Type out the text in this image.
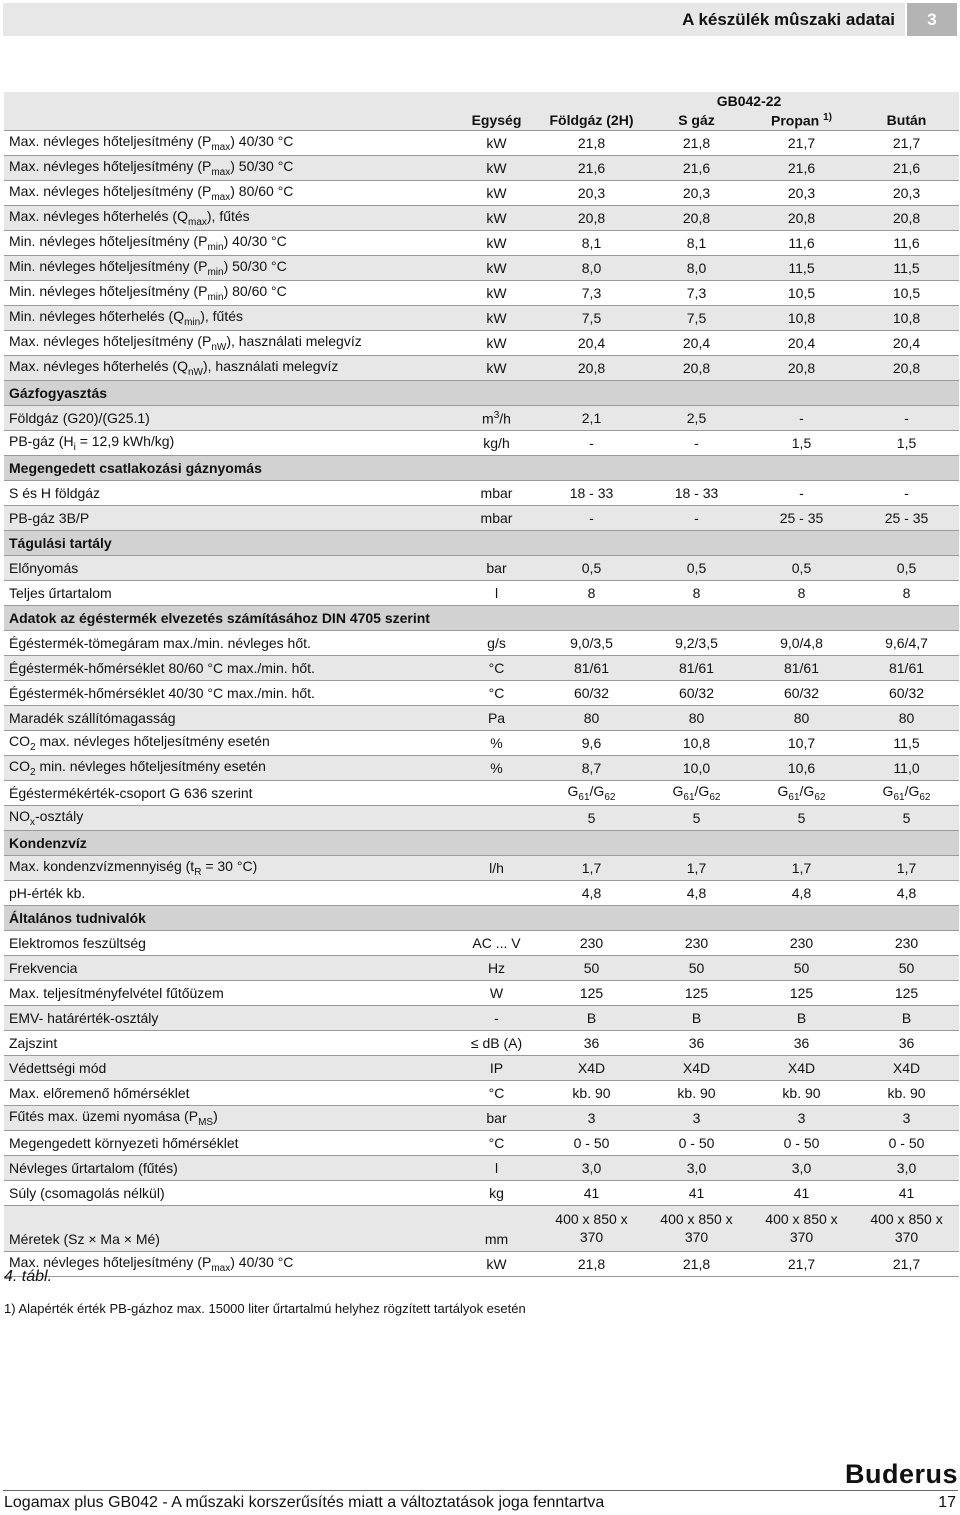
A készülék mûszaki adatai	3
		GB042-22			
	Egység	Földgáz (2H)	S gáz	Propan $^{1)}$	Bután
Max. névleges hőteljesítmény $(P_{max})$ 40/30 °C	kW	21,8	21,8	21,7	21,7
Max. névleges hőteljesítmény $(P_{max})$ 50/30 °C	kW	21,6	21,6	21,6	21,6
Max. névleges hőteljesítmény $(P_{max})$ 80/60 °C	kW	20,3	20,3	20,3	20,3
Max. névleges hőterhelés $(Q_{max})$, fűtés	kW	20,8	20,8	20,8	20,8
Min. névleges hőteljesítmény $(P_{min})$ 40/30 °C	kW	8,1	8,1	11,6	11,6
Min. névleges hőteljesítmény $(P_{min})$ 50/30 °C	kW	8,0	8,0	11,5	11,5
Min. névleges hőteljesítmény $(P_{min})$ 80/60 °C	kW	7,3	7,3	10,5	10,5
Min. névleges hőterhelés $(Q_{min})$, fűtés	kW	7,5	7,5	10,8	10,8
Max. névleges hőteljesítmény $(P_{nW})$, használati melegvíz	kW	20,4	20,4	20,4	20,4
Max. névleges hőterhelés $(Q_{nW})$, használati melegvíz	kW	20,8	20,8	20,8	20,8
Gázfogyasztás					
Földgáz (G20)/(G25.1)	$m^3/h$	2,1	2,5	-	-
PB-gáz ($H_i = 12,9$ kWh/kg)	kg/h	-	-	1,5	1,5
Megengedett csatlakozási gáznyomás					
S és H földgáz	mbar	18 - 33	18 - 33	-	-
PB-gáz 3B/P	mbar	-	-	25 - 35	25 - 35
Tágulási tartály					
Előnyomás	bar	0,5	0,5	0,5	0,5
Teljes űrtartalom	l	8	8	8	8
Adatok az égéstermék elvezetés számításához DIN 4705 szerint					
Égéstermék-tömegáram max./min. névleges hőt.	g/s	9,0/3,5	9,2/3,5	9,0/4,8	9,6/4,7
Égéstermék-hőmérséklet 80/60 °C max./min. hőt.	°C	81/61	81/61	81/61	81/61
Égéstermék-hőmérséklet 40/30 °C max./min. hőt.	°C	60/32	60/32	60/32	60/32
Maradék szállítómagasság	Pa	80	80	80	80
$CO_2$ max. névleges hőteljesítmény esetén	%	9,6	10,8	10,7	11,5
$CO_2$ min. névleges hőteljesítmény esetén	%	8,7	10,0	10,6	11,0
Égéstermékérték-csoport G 636 szerint		$G_{61}/G_{62}$	$G_{61}/G_{62}$	$G_{61}/G_{62}$	$G_{61}/G_{62}$
$NO_x$-osztály		5	5	5	5
Kondenzvíz					
Max. kondenzvízmennyiség ($t_R = 30$ °C)	l/h	1,7	1,7	1,7	1,7
pH-érték kb.		4,8	4,8	4,8	4,8
Általános tudnivalók					
Elektromos feszültség	AC ... V	230	230	230	230
Frekvencia	Hz	50	50	50	50
Max. teljesítményfelvétel fűtőüzem	W	125	125	125	125
EMV- határérték-osztály	-	B	B	B	B
Zajszint	≤ dB (A)	36	36	36	36
Védettségi mód	IP	X4D	X4D	X4D	X4D
Max. előremenő hőmérséklet	°C	kb. 90	kb. 90	kb. 90	kb. 90
Fűtés max. üzemi nyomása $(P_{MS})$	bar	3	3	3	3
Megengedett környezeti hőmérséklet	°C	0 - 50	0 - 50	0 - 50	0 - 50
Névleges űrtartalom (fűtés)	l	3,0	3,0	3,0	3,0
Súly (csomagolás nélkül)	kg	41	41	41	41
Méretek (Sz × Ma × Mé)	mm	400 x 850 x 370	400 x 850 x 370	400 x 850 x 370	400 x 850 x 370
Max. névleges hőteljesítmény $(P_{max})$ 40/30 °C	kW	21,8	21,8	21,7	21,7
4. tábl.
1) Alapérték érték PB-gázhoz max. 15000 liter űrtartalmú helyhez rögzített tartályok esetén
Buderus
Logamax plus GB042 - A műszaki korszerűsítés miatt a változtatások joga fenntartva	17
